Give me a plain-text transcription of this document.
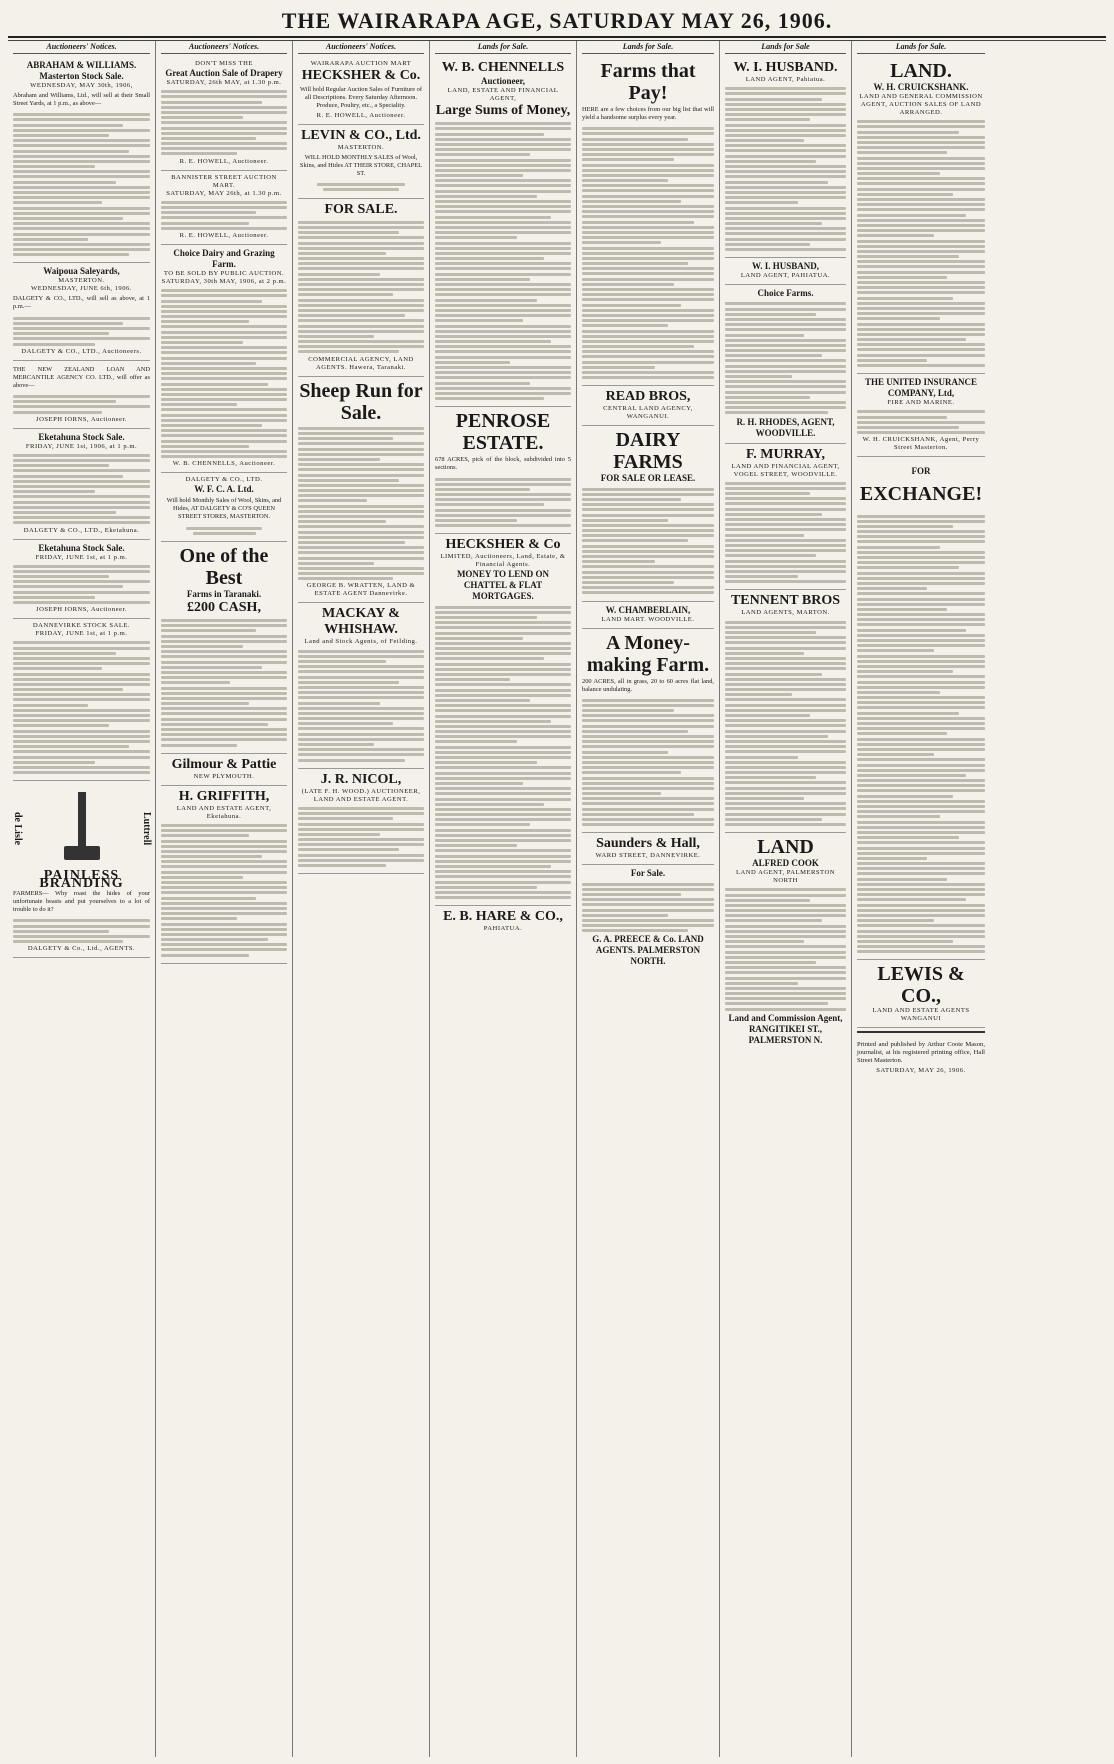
THE WAIRARAPA AGE, SATURDAY MAY 26, 1906.
Auctioneers' Notices.
ABRAHAM & WILLIAMS.
Masterton Stock Sale.
WEDNESDAY, MAY 30th, 1906,
Abraham and Williams, Ltd., will sell at their Small Street Yards, at 1 p.m., as above—
Waipoua Saleyards,
MASTERTON.
WEDNESDAY, JUNE 6th, 1906.
DALGETY & CO., LTD., will sell as above, at 1 p.m.—
DALGETY & CO., LTD., Auctioneers.
THE NEW ZEALAND LOAN AND MERCANTILE AGENCY CO. LTD., will offer as above—
JOSEPH IORNS, Auctioneer.
Eketahuna Stock Sale.
FRIDAY, JUNE 1st, 1906, at 1 p.m.
DALGETY & CO., LTD., Eketahuna.
Eketahuna Stock Sale.
FRIDAY, JUNE 1st, at 1 p.m.
JOSEPH IORNS, Auctioneer.
DANNEVIRKE STOCK SALE.
FRIDAY, JUNE 1st, at 1 p.m.
de Lisle	Luttrell
PAINLESS BRANDING
FARMERS— Why roast the hides of your unfortunate beasts and put yourselves to a lot of trouble to do it?
DALGETY & Co., Ltd., AGENTS.
Auctioneers' Notices.
DON'T MISS THE
Great Auction Sale of Drapery
SATURDAY, 26th MAY, at 1.30 p.m.
R. E. HOWELL, Auctioneer.
BANNISTER STREET AUCTION MART.
SATURDAY, MAY 26th, at 1.30 p.m.
R. E. HOWELL, Auctioneer.
Choice Dairy and Grazing Farm.
TO BE SOLD BY PUBLIC AUCTION.
SATURDAY, 30th MAY, 1906, at 2 p.m.
W. B. CHENNELLS, Auctioneer.
DALGETY & CO., LTD.
W. F. C. A. Ltd.
Will hold Monthly Sales of Wool, Skins, and Hides, AT DALGETY & CO'S QUEEN STREET STORES, MASTERTON.
One of the Best
Farms in Taranaki.
£200 CASH,
Gilmour & Pattie
NEW PLYMOUTH.
H. GRIFFITH,
LAND AND ESTATE AGENT, Eketahuna.
Auctioneers' Notices.
WAIRARAPA AUCTION MART
HECKSHER & Co.
Will hold Regular Auction Sales of Furniture of all Descriptions. Every Saturday Afternoon. Produce, Poultry, etc., a Speciality.
R. E. HOWELL, Auctioneer.
LEVIN & CO., Ltd.
MASTERTON.
WILL HOLD MONTHLY SALES of Wool, Skins, and Hides AT THEIR STORE, CHAPEL ST.
FOR SALE.
COMMERCIAL AGENCY, LAND AGENTS. Hawera, Taranaki.
Sheep Run for Sale.
GEORGE B. WRATTEN, LAND & ESTATE AGENT Dannevirke.
MACKAY & WHISHAW.
Land and Stock Agents, of Feilding.
J. R. NICOL,
(LATE F. H. WOOD.) AUCTIONEER, LAND AND ESTATE AGENT.
Lands for Sale.
W. B. CHENNELLS
Auctioneer,
LAND, ESTATE AND FINANCIAL AGENT,
Large Sums of Money,
PENROSE ESTATE.
678 ACRES, pick of the block, subdivided into 5 sections.
HECKSHER & Co
LIMITED, Auctioneers, Land, Estate, & Financial Agents.
MONEY TO LEND ON CHATTEL & FLAT MORTGAGES.
E. B. HARE & CO.,
PAHIATUA.
Lands for Sale.
Farms that Pay!
HERE are a few choices from our big list that will yield a handsome surplus every year.
READ BROS,
CENTRAL LAND AGENCY, WANGANUI.
DAIRY FARMS
FOR SALE OR LEASE.
W. CHAMBERLAIN,
LAND MART. WOODVILLE.
A Money-making Farm.
200 ACRES, all in grass, 20 to 60 acres flat land, balance undulating.
Saunders & Hall,
WARD STREET, DANNEVIRKE.
For Sale.
G. A. PREECE & Co. LAND AGENTS. PALMERSTON NORTH.
Lands for Sale
W. I. HUSBAND.
LAND AGENT, Pahiatua.
W. I. HUSBAND,
LAND AGENT, PAHIATUA.
Choice Farms.
R. H. RHODES, AGENT, WOODVILLE.
F. MURRAY,
LAND AND FINANCIAL AGENT, VOGEL STREET, WOODVILLE.
TENNENT BROS
LAND AGENTS, MARTON.
LAND
ALFRED COOK
LAND AGENT, PALMERSTON NORTH
Land and Commission Agent, RANGITIKEI ST., PALMERSTON N.
Lands for Sale.
LAND.
W. H. CRUICKSHANK.
LAND AND GENERAL COMMISSION AGENT, AUCTION SALES OF LAND ARRANGED.
THE UNITED INSURANCE COMPANY, Ltd,
FIRE AND MARINE.
W. H. CRUICKSHANK, Agent, Perry Street Masterton.
FOR
EXCHANGE!
LEWIS & CO.,
LAND AND ESTATE AGENTS WANGANUI
Printed and published by Arthur Coote Mason, journalist, at his registered printing office, Hall Street Masterton.
SATURDAY, MAY 26, 1906.
